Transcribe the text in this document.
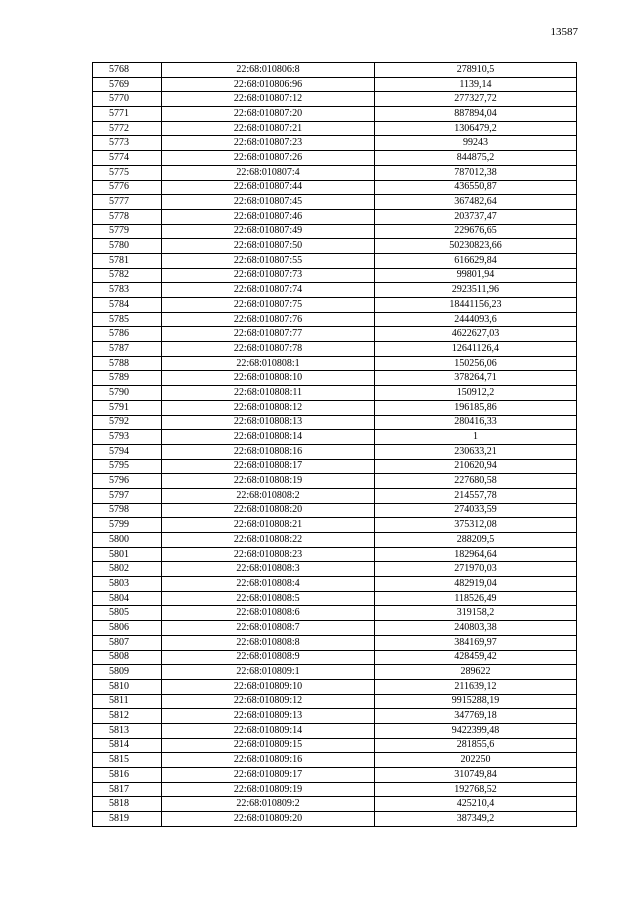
13587
5768	22:68:010806:8	278910,5
5769	22:68:010806:96	1139,14
5770	22:68:010807:12	277327,72
5771	22:68:010807:20	887894,04
5772	22:68:010807:21	1306479,2
5773	22:68:010807:23	99243
5774	22:68:010807:26	844875,2
5775	22:68:010807:4	787012,38
5776	22:68:010807:44	436550,87
5777	22:68:010807:45	367482,64
5778	22:68:010807:46	203737,47
5779	22:68:010807:49	229676,65
5780	22:68:010807:50	50230823,66
5781	22:68:010807:55	616629,84
5782	22:68:010807:73	99801,94
5783	22:68:010807:74	2923511,96
5784	22:68:010807:75	18441156,23
5785	22:68:010807:76	2444093,6
5786	22:68:010807:77	4622627,03
5787	22:68:010807:78	12641126,4
5788	22:68:010808:1	150256,06
5789	22:68:010808:10	378264,71
5790	22:68:010808:11	150912,2
5791	22:68:010808:12	196185,86
5792	22:68:010808:13	280416,33
5793	22:68:010808:14	1
5794	22:68:010808:16	230633,21
5795	22:68:010808:17	210620,94
5796	22:68:010808:19	227680,58
5797	22:68:010808:2	214557,78
5798	22:68:010808:20	274033,59
5799	22:68:010808:21	375312,08
5800	22:68:010808:22	288209,5
5801	22:68:010808:23	182964,64
5802	22:68:010808:3	271970,03
5803	22:68:010808:4	482919,04
5804	22:68:010808:5	118526,49
5805	22:68:010808:6	319158,2
5806	22:68:010808:7	240803,38
5807	22:68:010808:8	384169,97
5808	22:68:010808:9	428459,42
5809	22:68:010809:1	289622
5810	22:68:010809:10	211639,12
5811	22:68:010809:12	9915288,19
5812	22:68:010809:13	347769,18
5813	22:68:010809:14	9422399,48
5814	22:68:010809:15	281855,6
5815	22:68:010809:16	202250
5816	22:68:010809:17	310749,84
5817	22:68:010809:19	192768,52
5818	22:68:010809:2	425210,4
5819	22:68:010809:20	387349,2
